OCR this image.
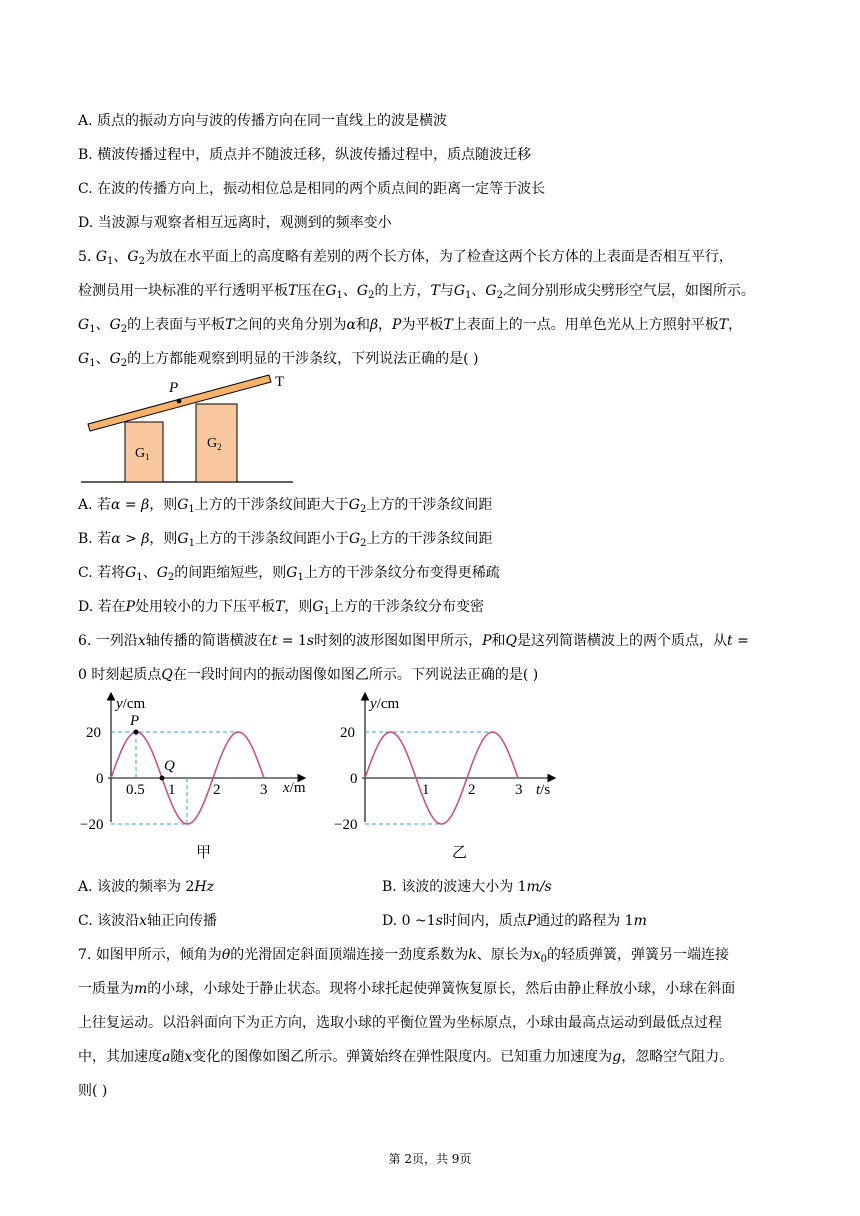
A. 质点的振动方向与波的传播方向在同一直线上的波是横波
B. 横波传播过程中，质点并不随波迁移，纵波传播过程中，质点随波迁移
C. 在波的传播方向上，振动相位总是相同的两个质点间的距离一定等于波长
D. 当波源与观察者相互远离时，观测到的频率变小
5. $G_1$、$G_2$为放在水平面上的高度略有差别的两个长方体，为了检查这两个长方体的上表面是否相互平行，
检测员用一块标准的平行透明平板T压在$G_1$、$G_2$的上方，T与$G_1$、$G_2$之间分别形成尖劈形空气层，如图所示。
$G_1$、$G_2$的上表面与平板T之间的夹角分别为α和β，P为平板T上表面上的一点。用单色光从上方照射平板T，
$G_1$、$G_2$的上方都能观察到明显的干涉条纹，下列说法正确的是( )
P	T
$G_1$
$G_2$
A. 若α = β，则$G_1$上方的干涉条纹间距大于$G_2$上方的干涉条纹间距
B. 若α > β，则$G_1$上方的干涉条纹间距小于$G_2$上方的干涉条纹间距
C. 若将$G_1$、$G_2$的间距缩短些，则$G_1$上方的干涉条纹分布变得更稀疏
D. 若在P处用较小的力下压平板T，则$G_1$上方的干涉条纹分布变密
6. 一列沿x轴传播的简谐横波在t = 1s时刻的波形图如图甲所示，P和Q是这列简谐横波上的两个质点，从t =
0 时刻起质点Q在一段时间内的振动图像如图乙所示。下列说法正确的是( )
P
Q
y/cm
x/m
20
0
−20
0.5 1	2	3
甲
y/cm
t/s
20
0
−20
1	2	3
乙
A. 该波的频率为 2Hz	B. 该波的波速大小为 1m/s
C. 该波沿x轴正向传播	D. 0 ~1s时间内，质点P通过的路程为 1m
7. 如图甲所示，倾角为θ的光滑固定斜面顶端连接一劲度系数为k、原长为$x_0$的轻质弹簧，弹簧另一端连接
一质量为m的小球，小球处于静止状态。现将小球托起使弹簧恢复原长，然后由静止释放小球，小球在斜面
上往复运动。以沿斜面向下为正方向，选取小球的平衡位置为坐标原点，小球由最高点运动到最低点过程
中，其加速度a随x变化的图像如图乙所示。弹簧始终在弹性限度内。已知重力加速度为g，忽略空气阻力。
则( )
第 2页，共 9页
